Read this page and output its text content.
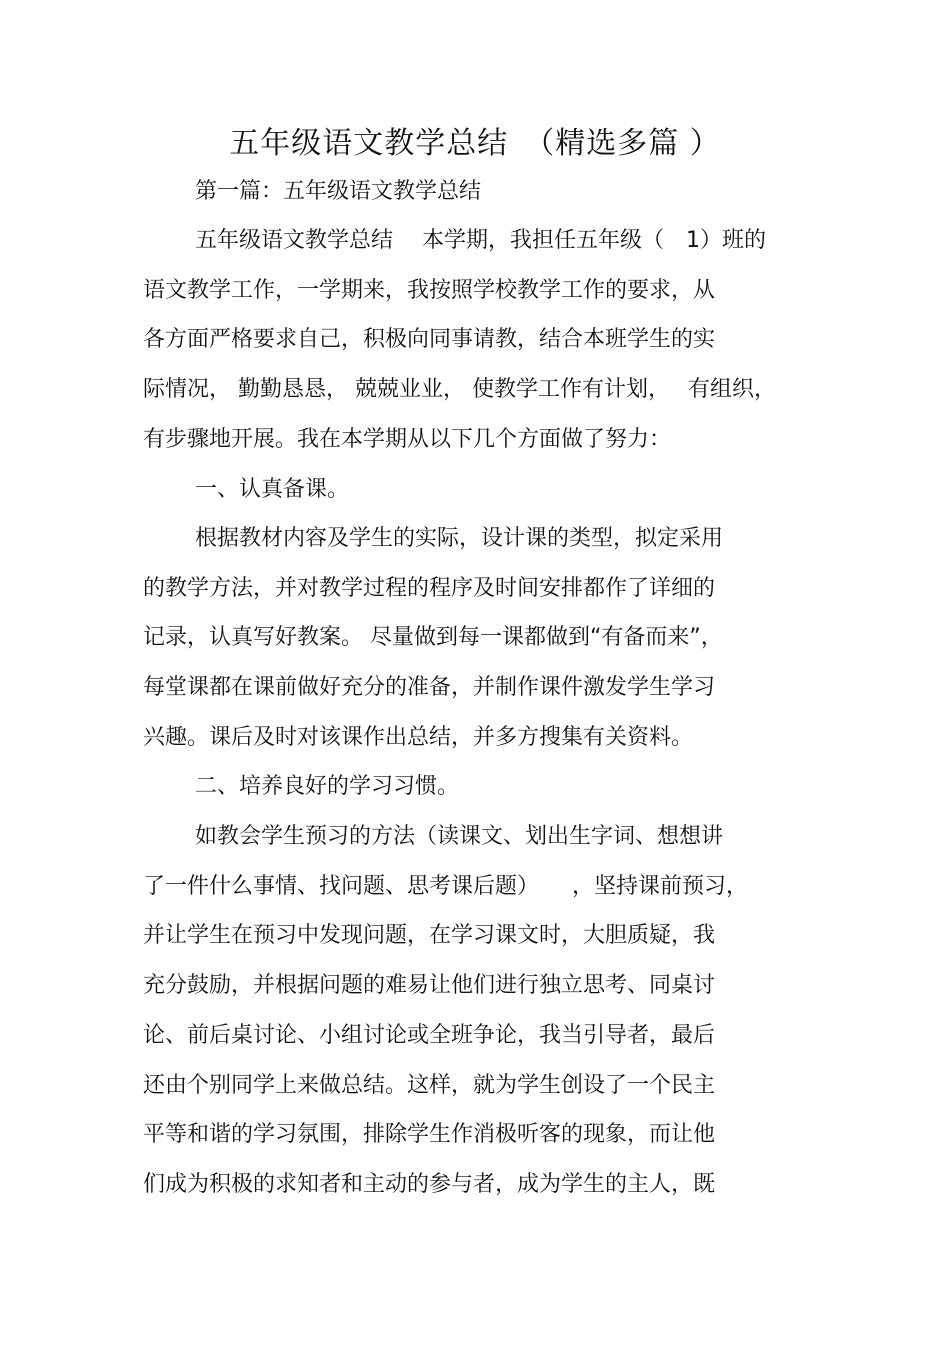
五年级语文教学总结　（精选多篇 ）
第一篇：五年级语文教学总结
五年级语文教学总结　 本学期，我担任五年级（　1）班的
语文教学工作，一学期来，我按照学校教学工作的要求，从
各方面严格要求自己，积极向同事请教，结合本班学生的实
际情况， 勤勤恳恳， 兢兢业业， 使教学工作有计划，　 有组织，
有步骤地开展。我在本学期从以下几个方面做了努力：
一、认真备课。
根据教材内容及学生的实际，设计课的类型，拟定采用
的教学方法，并对教学过程的程序及时间安排都作了详细的
记录，认真写好教案。 尽量做到每一课都做到“有备而来”，
每堂课都在课前做好充分的准备，并制作课件激发学生学习
兴趣。课后及时对该课作出总结，并多方搜集有关资料。
二、培养良好的学习习惯。
如教会学生预习的方法（读课文、划出生字词、想想讲
了一件什么事情、找问题、思考课后题）　　，坚持课前预习，
并让学生在预习中发现问题，在学习课文时，大胆质疑，我
充分鼓励，并根据问题的难易让他们进行独立思考、同桌讨
论、前后桌讨论、小组讨论或全班争论，我当引导者，最后
还由个别同学上来做总结。这样，就为学生创设了一个民主
平等和谐的学习氛围，排除学生作消极听客的现象，而让他
们成为积极的求知者和主动的参与者，成为学生的主人，既
